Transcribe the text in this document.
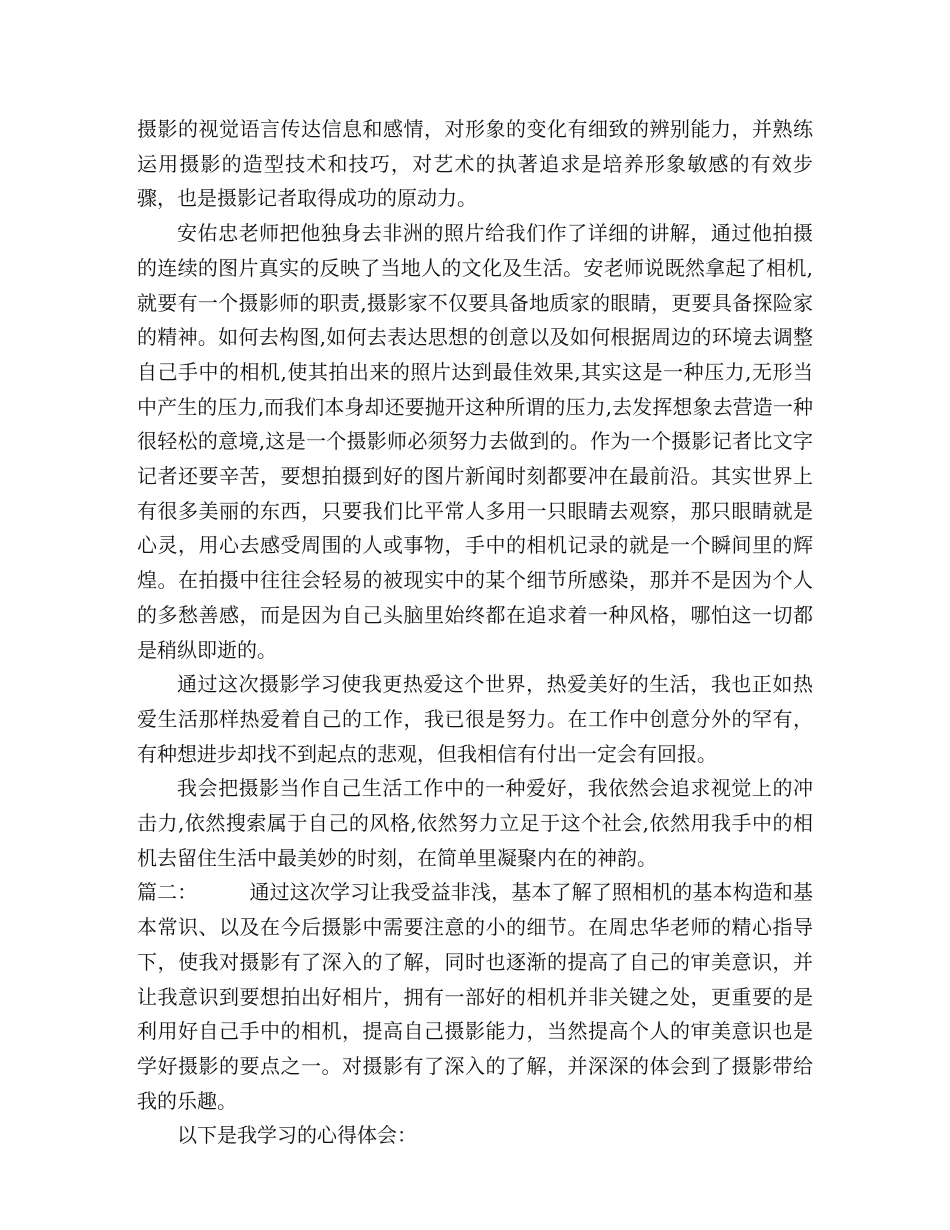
摄影的视觉语言传达信息和感情，对形象的变化有细致的辨别能力，并熟练运用摄影的造型技术和技巧，对艺术的执著追求是培养形象敏感的有效步骤，也是摄影记者取得成功的原动力。

安佑忠老师把他独身去非洲的照片给我们作了详细的讲解，通过他拍摄的连续的图片真实的反映了当地人的文化及生活。安老师说既然拿起了相机,就要有一个摄影师的职责,摄影家不仅要具备地质家的眼睛，更要具备探险家的精神。如何去构图,如何去表达思想的创意以及如何根据周边的环境去调整自己手中的相机,使其拍出来的照片达到最佳效果,其实这是一种压力,无形当中产生的压力,而我们本身却还要抛开这种所谓的压力,去发挥想象去营造一种很轻松的意境,这是一个摄影师必须努力去做到的。作为一个摄影记者比文字记者还要辛苦，要想拍摄到好的图片新闻时刻都要冲在最前沿。其实世界上有很多美丽的东西，只要我们比平常人多用一只眼睛去观察，那只眼睛就是心灵，用心去感受周围的人或事物，手中的相机记录的就是一个瞬间里的辉煌。在拍摄中往往会轻易的被现实中的某个细节所感染，那并不是因为个人的多愁善感，而是因为自己头脑里始终都在追求着一种风格，哪怕这一切都是稍纵即逝的。

通过这次摄影学习使我更热爱这个世界，热爱美好的生活，我也正如热爱生活那样热爱着自己的工作，我已很是努力。在工作中创意分外的罕有，有种想进步却找不到起点的悲观，但我相信有付出一定会有回报。

我会把摄影当作自己生活工作中的一种爱好，我依然会追求视觉上的冲击力,依然搜索属于自己的风格,依然努力立足于这个社会,依然用我手中的相机去留住生活中最美妙的时刻，在简单里凝聚内在的神韵。

篇二：	通过这次学习让我受益非浅，基本了解了照相机的基本构造和基本常识、以及在今后摄影中需要注意的小的细节。在周忠华老师的精心指导下，使我对摄影有了深入的了解，同时也逐渐的提高了自己的审美意识，并让我意识到要想拍出好相片，拥有一部好的相机并非关键之处，更重要的是利用好自己手中的相机，提高自己摄影能力，当然提高个人的审美意识也是学好摄影的要点之一。对摄影有了深入的了解，并深深的体会到了摄影带给我的乐趣。

以下是我学习的心得体会：
